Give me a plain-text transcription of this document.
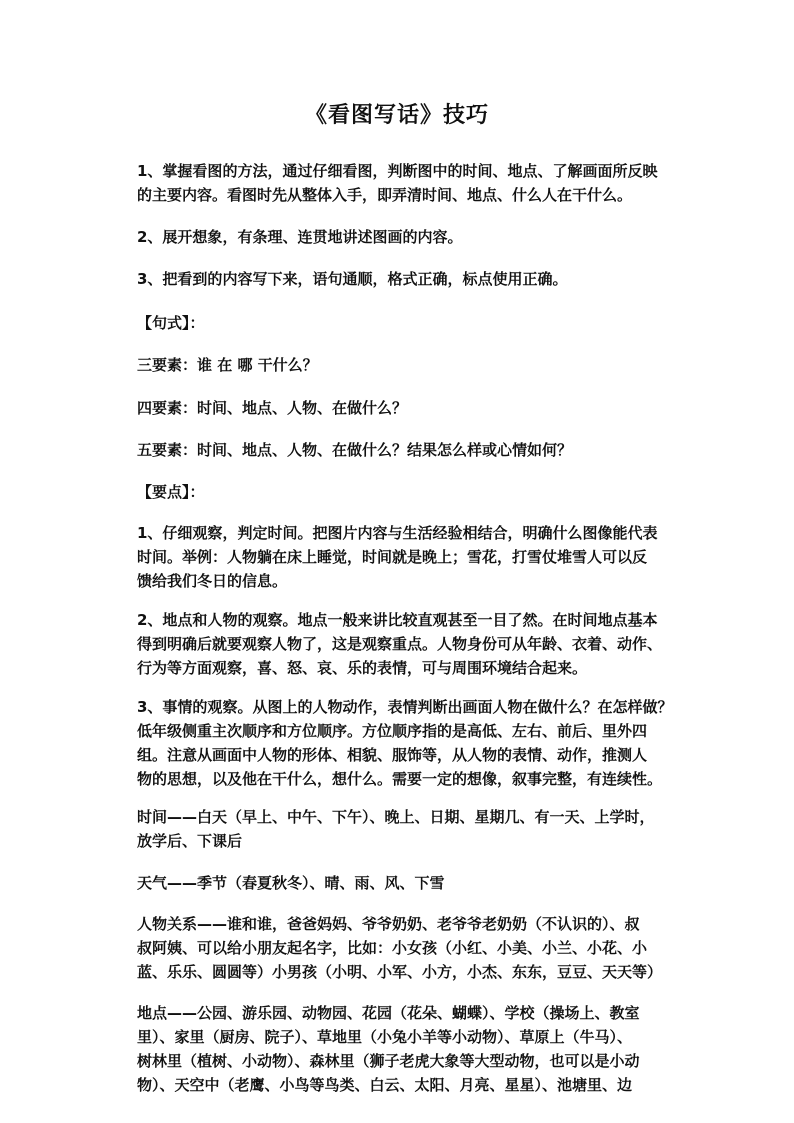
《看图写话》技巧
1、掌握看图的方法，通过仔细看图，判断图中的时间、地点、了解画面所反映
的主要内容。看图时先从整体入手，即弄清时间、地点、什么人在干什么。
2、展开想象，有条理、连贯地讲述图画的内容。
3、把看到的内容写下来，语句通顺，格式正确，标点使用正确。
【句式】：
三要素：谁 在 哪 干什么？
四要素：时间、地点、人物、在做什么？
五要素：时间、地点、人物、在做什么？结果怎么样或心情如何？
【要点】：
1、仔细观察，判定时间。把图片内容与生活经验相结合，明确什么图像能代表
时间。举例：人物躺在床上睡觉，时间就是晚上；雪花，打雪仗堆雪人可以反
馈给我们冬日的信息。
2、地点和人物的观察。地点一般来讲比较直观甚至一目了然。在时间地点基本
得到明确后就要观察人物了，这是观察重点。人物身份可从年龄、衣着、动作、
行为等方面观察，喜、怒、哀、乐的表情，可与周围环境结合起来。
3、事情的观察。从图上的人物动作，表情判断出画面人物在做什么？在怎样做？
低年级侧重主次顺序和方位顺序。方位顺序指的是高低、左右、前后、里外四
组。注意从画面中人物的形体、相貌、服饰等，从人物的表情、动作，推测人
物的思想，以及他在干什么，想什么。需要一定的想像，叙事完整，有连续性。
时间——白天（早上、中午、下午）、晚上、日期、星期几、有一天、上学时，
放学后、下课后
天气——季节（春夏秋冬）、晴、雨、风、下雪
人物关系——谁和谁，爸爸妈妈、爷爷奶奶、老爷爷老奶奶（不认识的）、叔
叔阿姨、可以给小朋友起名字，比如：小女孩（小红、小美、小兰、小花、小
蓝、乐乐、圆圆等）小男孩（小明、小军、小方，小杰、东东，豆豆、天天等）
地点——公园、游乐园、动物园、花园（花朵、蝴蝶）、学校（操场上、教室
里）、家里（厨房、院子）、草地里（小兔小羊等小动物）、草原上（牛马）、
树林里（植树、小动物）、森林里（狮子老虎大象等大型动物，也可以是小动
物）、天空中（老鹰、小鸟等鸟类、白云、太阳、月亮、星星）、池塘里、边
